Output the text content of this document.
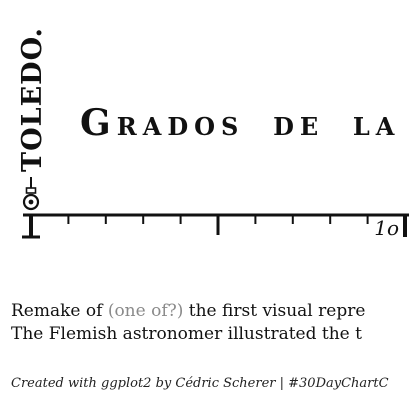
GRADOS DE LA
1o
TOLEDO.
Remake of (one of?) the first visual repre
The Flemish astronomer illustrated the t
Created with ggplot2 by Cédric Scherer | #30DayChartC
